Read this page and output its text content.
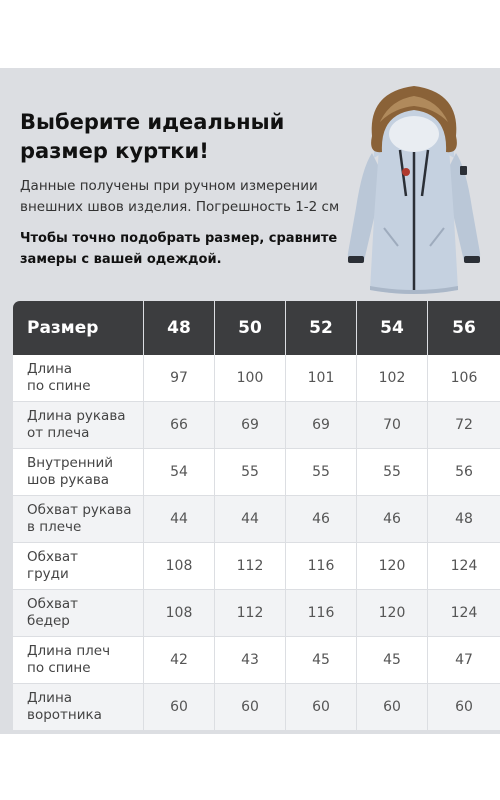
Выберите идеальный размер куртки!

Данные получены при ручном измерении внешних швов изделия. Погрешность 1-2 см

Чтобы точно подобрать размер, сравните замеры с вашей одеждой.

Размер	48	50	52	54	56
Длина
по спине	97	100	101	102	106
Длина рукава
от плеча	66	69	69	70	72
Внутренний
шов рукава	54	55	55	55	56
Обхват рукава
в плече	44	44	46	46	48
Обхват
груди	108	112	116	120	124
Обхват
бедер	108	112	116	120	124
Длина плеч
по спине	42	43	45	45	47
Длина
воротника	60	60	60	60	60
